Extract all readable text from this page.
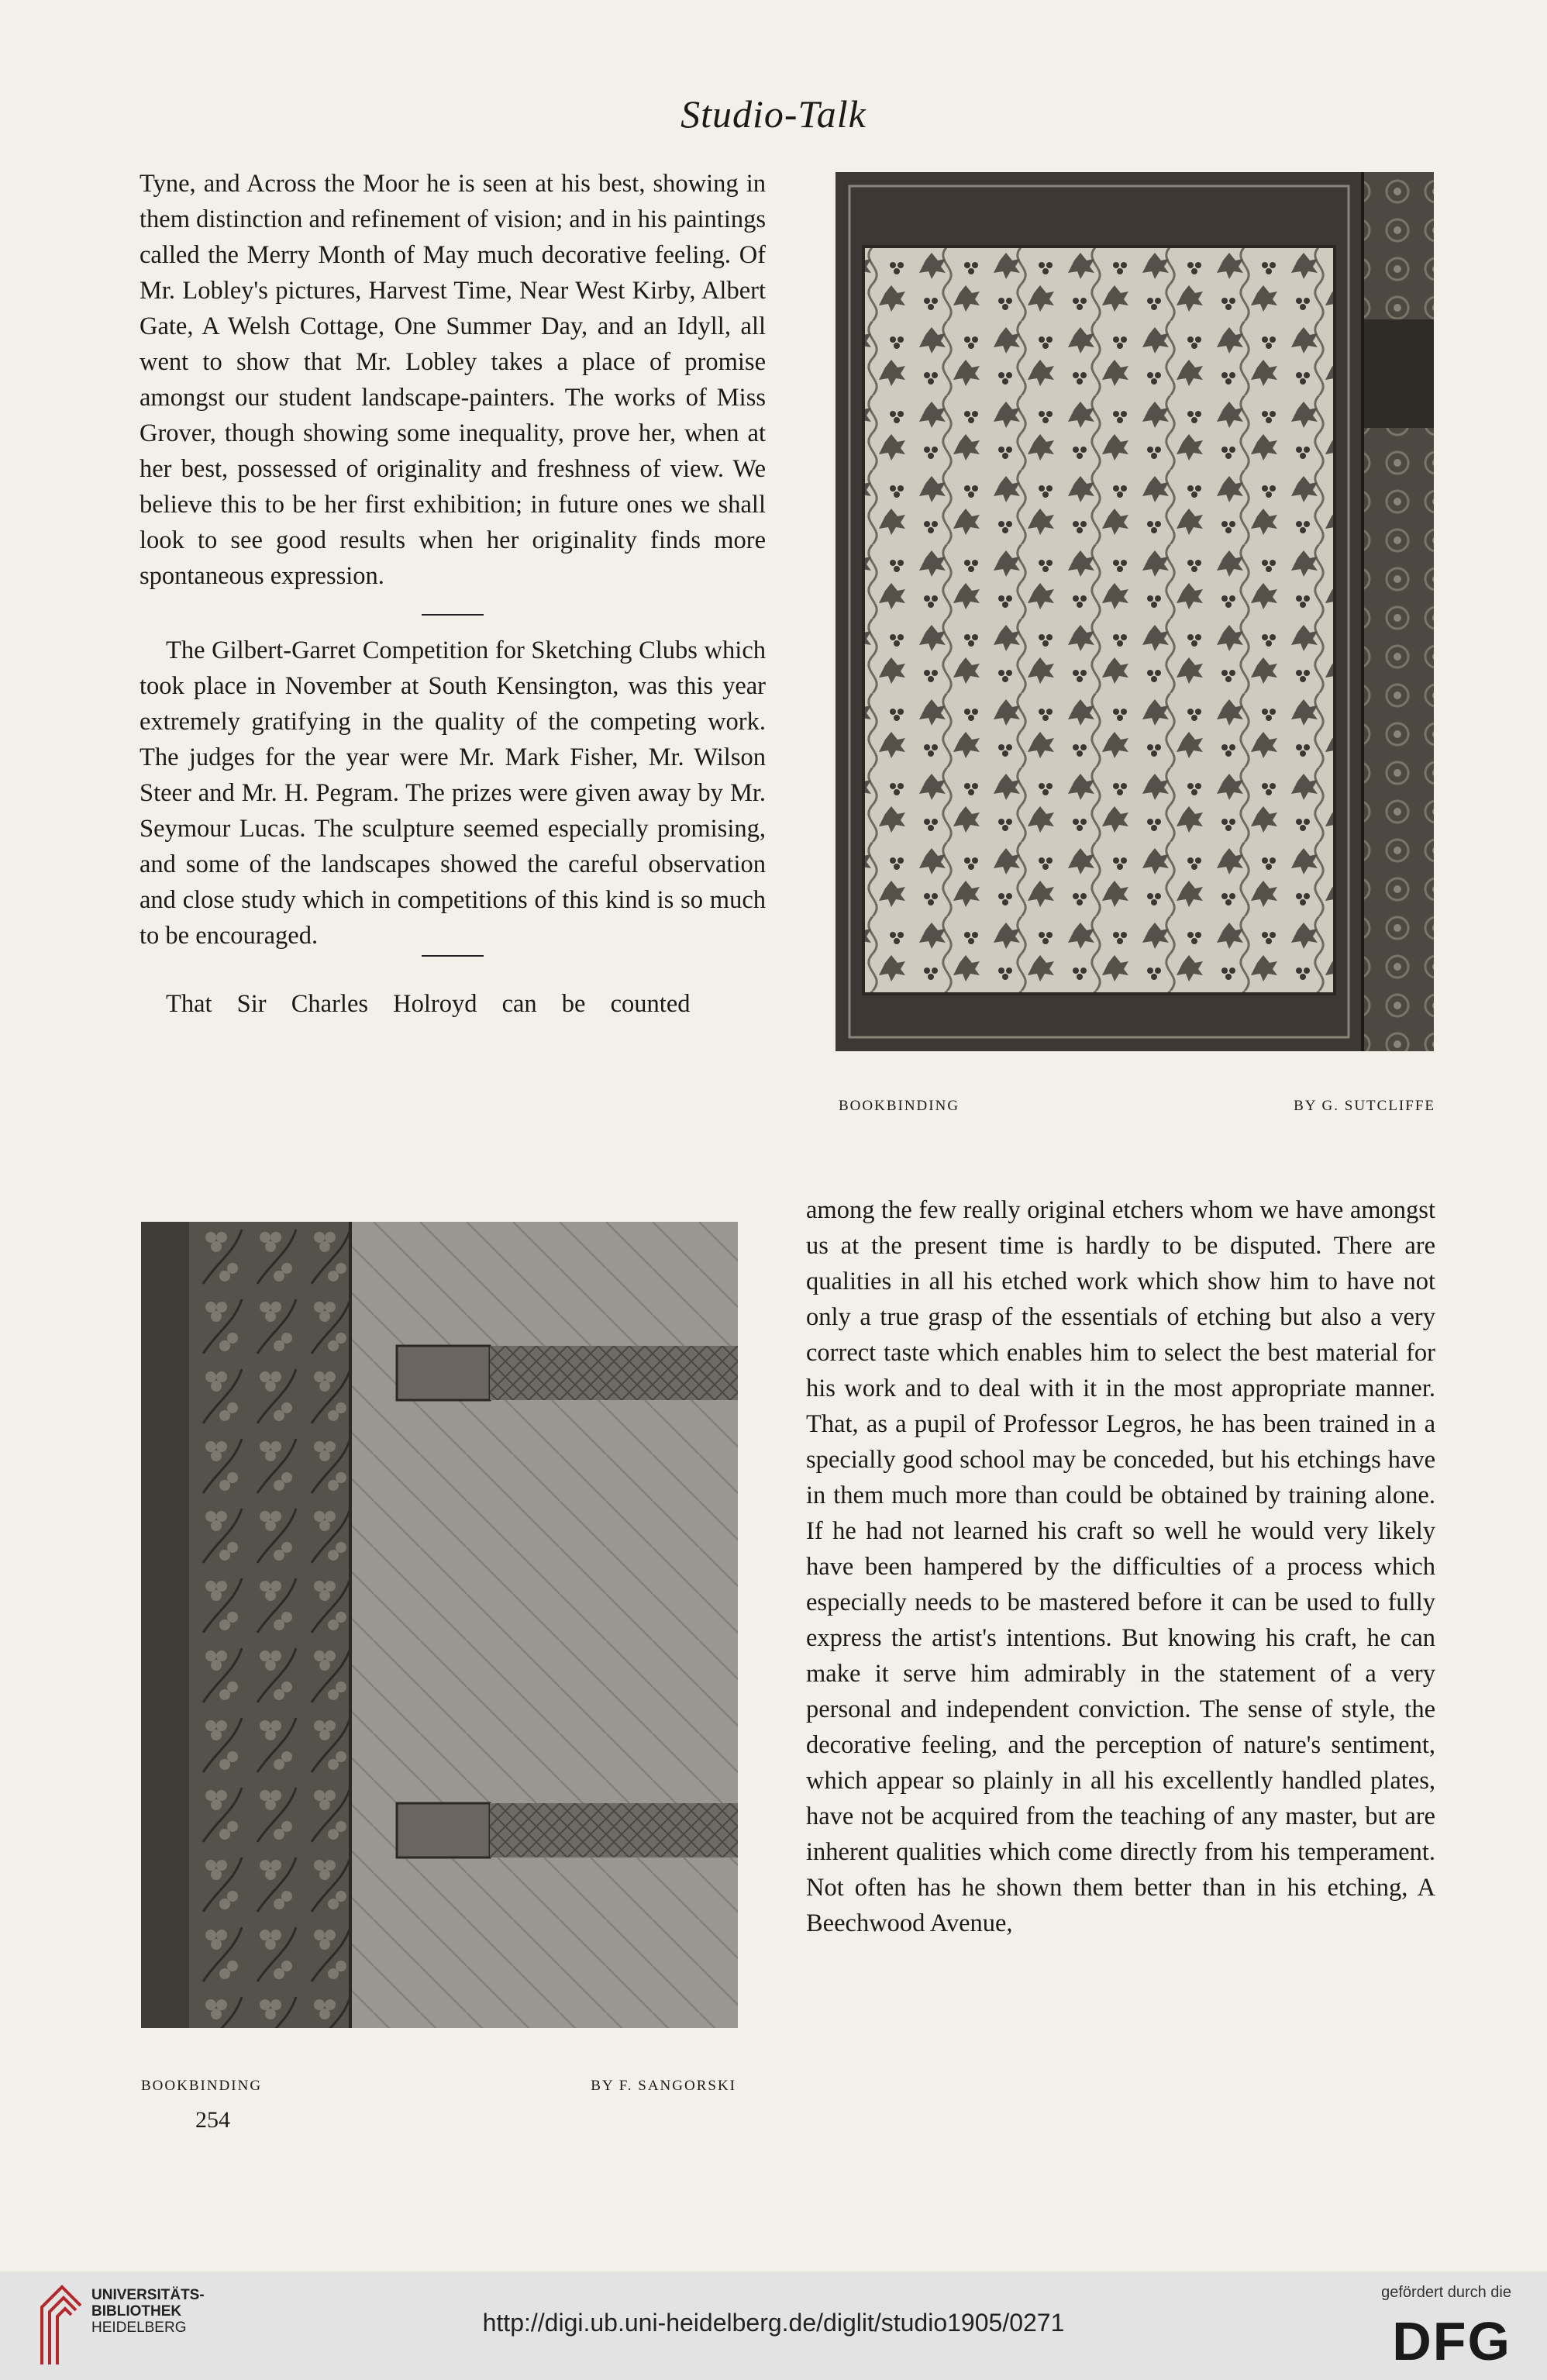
Studio-Talk

Tyne, and Across the Moor he is seen at his best, showing in them distinction and refinement of vision; and in his paintings called the Merry Month of May much decorative feeling. Of Mr. Lobley's pictures, Harvest Time, Near West Kirby, Albert Gate, A Welsh Cottage, One Summer Day, and an Idyll, all went to show that Mr. Lobley takes a place of promise amongst our student landscape-painters. The works of Miss Grover, though showing some inequality, prove her, when at her best, possessed of originality and freshness of view. We believe this to be her first exhibition; in future ones we shall look to see good results when her originality finds more spontaneous expression.

The Gilbert-Garret Competition for Sketching Clubs which took place in November at South Kensington, was this year extremely gratifying in the quality of the competing work. The judges for the year were Mr. Mark Fisher, Mr. Wilson Steer and Mr. H. Pegram. The prizes were given away by Mr. Seymour Lucas. The sculpture seemed especially promising, and some of the landscapes showed the careful observation and close study which in competitions of this kind is so much to be encouraged.

That Sir Charles Holroyd can be counted

BOOKBINDING	BY G. SUTCLIFFE

among the few really original etchers whom we have amongst us at the present time is hardly to be disputed. There are qualities in all his etched work which show him to have not only a true grasp of the essentials of etching but also a very correct taste which enables him to select the best material for his work and to deal with it in the most appropriate manner. That, as a pupil of Professor Legros, he has been trained in a specially good school may be conceded, but his etchings have in them much more than could be obtained by training alone. If he had not learned his craft so well he would very likely have been hampered by the difficulties of a process which especially needs to be mastered before it can be used to fully express the artist's intentions. But knowing his craft, he can make it serve him admirably in the statement of a very personal and independent conviction. The sense of style, the decorative feeling, and the perception of nature's sentiment, which appear so plainly in all his excellently handled plates, have not be acquired from the teaching of any master, but are inherent qualities which come directly from his temperament. Not often has he shown them better than in his etching, A Beechwood Avenue,

BOOKBINDING	BY F. SANGORSKI
254
UNIVERSITÄTS-
BIBLIOTHEK
HEIDELBERG	http://digi.ub.uni-heidelberg.de/diglit/studio1905/0271
gefördert durch die
DFG
